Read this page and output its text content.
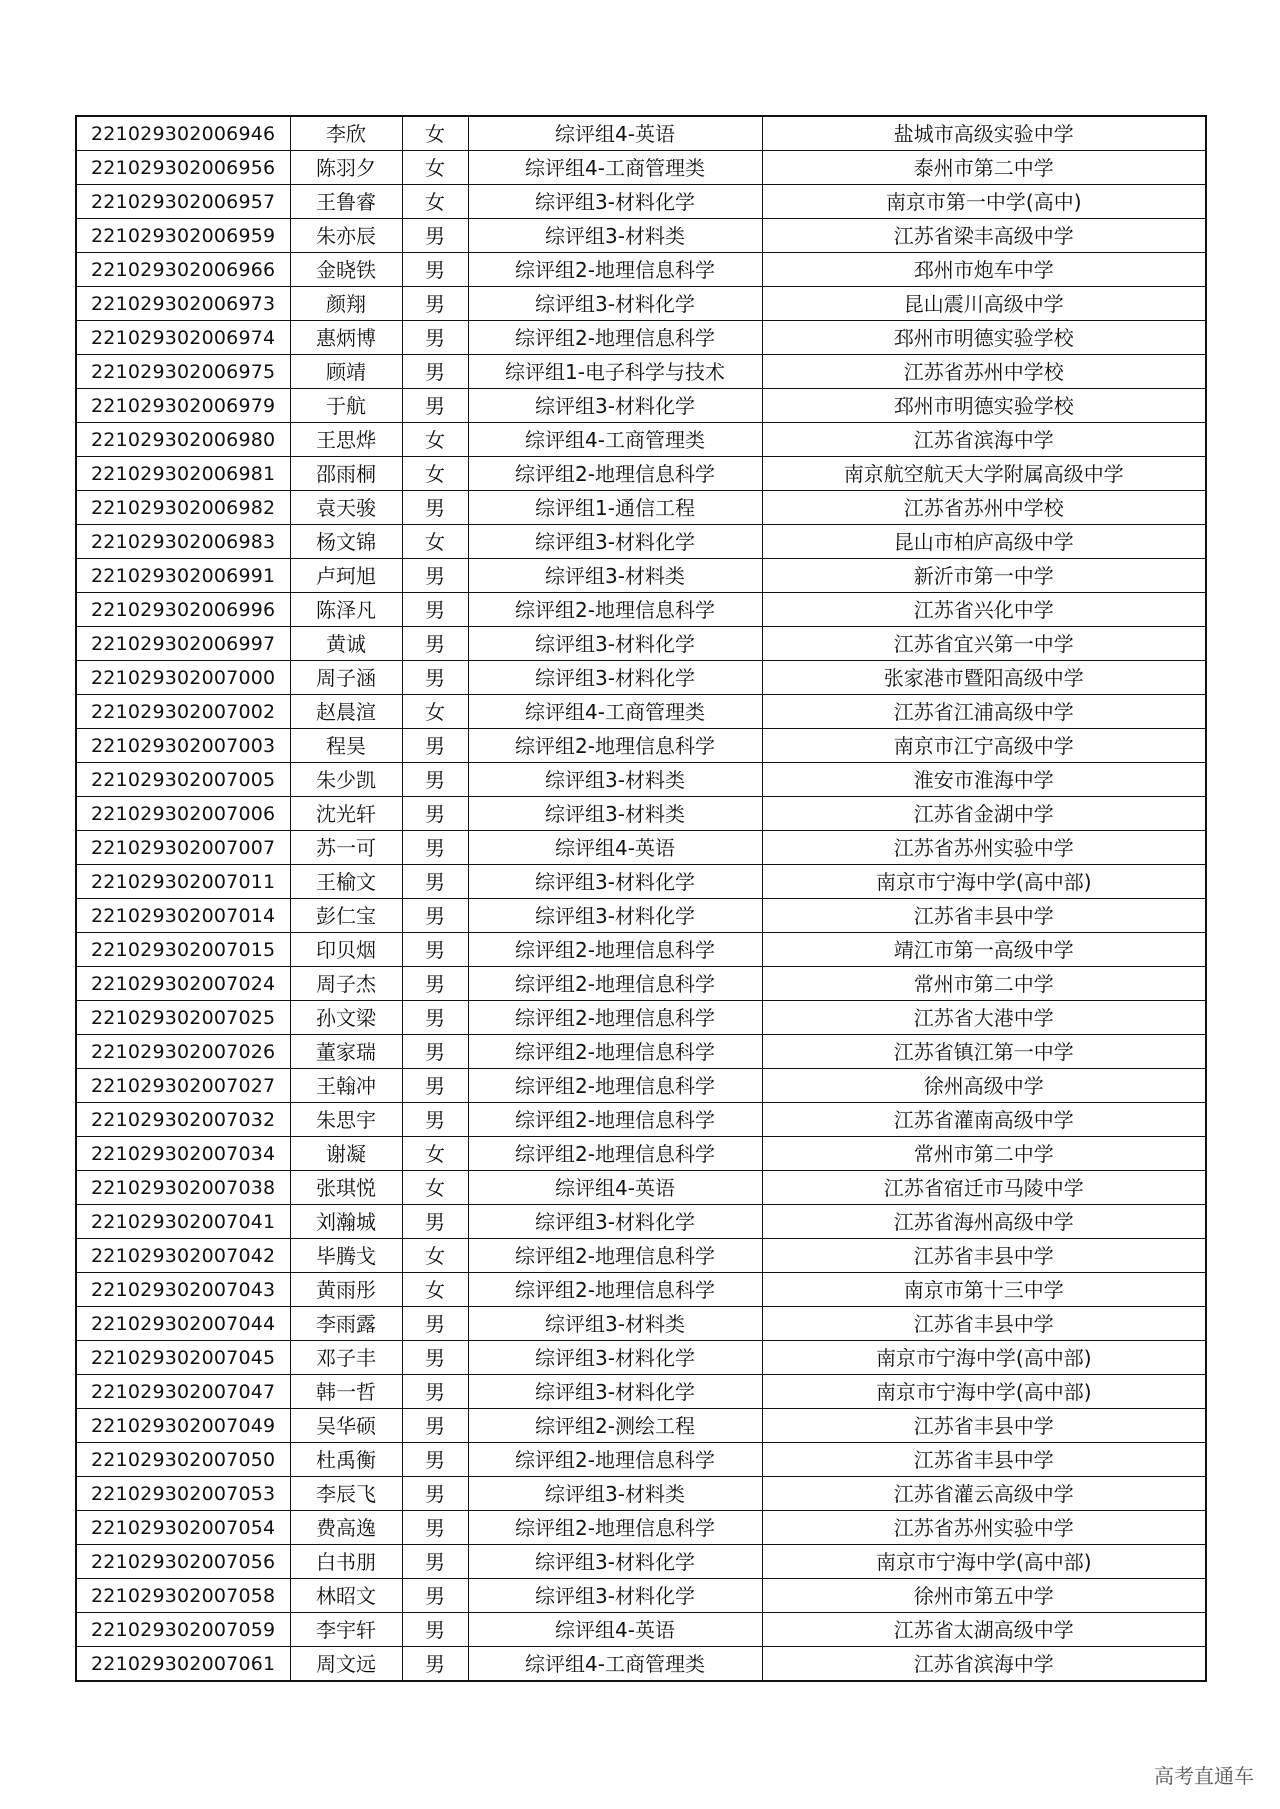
221029302006946	李欣	女	综评组4-英语	盐城市高级实验中学
221029302006956	陈羽夕	女	综评组4-工商管理类	泰州市第二中学
221029302006957	王鲁睿	女	综评组3-材料化学	南京市第一中学(高中)
221029302006959	朱亦辰	男	综评组3-材料类	江苏省梁丰高级中学
221029302006966	金晓铁	男	综评组2-地理信息科学	邳州市炮车中学
221029302006973	颜翔	男	综评组3-材料化学	昆山震川高级中学
221029302006974	惠炳博	男	综评组2-地理信息科学	邳州市明德实验学校
221029302006975	顾靖	男	综评组1-电子科学与技术	江苏省苏州中学校
221029302006979	于航	男	综评组3-材料化学	邳州市明德实验学校
221029302006980	王思烨	女	综评组4-工商管理类	江苏省滨海中学
221029302006981	邵雨桐	女	综评组2-地理信息科学	南京航空航天大学附属高级中学
221029302006982	袁天骏	男	综评组1-通信工程	江苏省苏州中学校
221029302006983	杨文锦	女	综评组3-材料化学	昆山市柏庐高级中学
221029302006991	卢珂旭	男	综评组3-材料类	新沂市第一中学
221029302006996	陈泽凡	男	综评组2-地理信息科学	江苏省兴化中学
221029302006997	黄诚	男	综评组3-材料化学	江苏省宜兴第一中学
221029302007000	周子涵	男	综评组3-材料化学	张家港市暨阳高级中学
221029302007002	赵晨渲	女	综评组4-工商管理类	江苏省江浦高级中学
221029302007003	程昊	男	综评组2-地理信息科学	南京市江宁高级中学
221029302007005	朱少凯	男	综评组3-材料类	淮安市淮海中学
221029302007006	沈光轩	男	综评组3-材料类	江苏省金湖中学
221029302007007	苏一可	男	综评组4-英语	江苏省苏州实验中学
221029302007011	王榆文	男	综评组3-材料化学	南京市宁海中学(高中部)
221029302007014	彭仁宝	男	综评组3-材料化学	江苏省丰县中学
221029302007015	印贝烟	男	综评组2-地理信息科学	靖江市第一高级中学
221029302007024	周子杰	男	综评组2-地理信息科学	常州市第二中学
221029302007025	孙文梁	男	综评组2-地理信息科学	江苏省大港中学
221029302007026	董家瑞	男	综评组2-地理信息科学	江苏省镇江第一中学
221029302007027	王翰冲	男	综评组2-地理信息科学	徐州高级中学
221029302007032	朱思宇	男	综评组2-地理信息科学	江苏省灌南高级中学
221029302007034	谢凝	女	综评组2-地理信息科学	常州市第二中学
221029302007038	张琪悦	女	综评组4-英语	江苏省宿迁市马陵中学
221029302007041	刘瀚城	男	综评组3-材料化学	江苏省海州高级中学
221029302007042	毕腾戈	女	综评组2-地理信息科学	江苏省丰县中学
221029302007043	黄雨彤	女	综评组2-地理信息科学	南京市第十三中学
221029302007044	李雨露	男	综评组3-材料类	江苏省丰县中学
221029302007045	邓子丰	男	综评组3-材料化学	南京市宁海中学(高中部)
221029302007047	韩一哲	男	综评组3-材料化学	南京市宁海中学(高中部)
221029302007049	吴华硕	男	综评组2-测绘工程	江苏省丰县中学
221029302007050	杜禹衡	男	综评组2-地理信息科学	江苏省丰县中学
221029302007053	李辰飞	男	综评组3-材料类	江苏省灌云高级中学
221029302007054	费高逸	男	综评组2-地理信息科学	江苏省苏州实验中学
221029302007056	白书朋	男	综评组3-材料化学	南京市宁海中学(高中部)
221029302007058	林昭文	男	综评组3-材料化学	徐州市第五中学
221029302007059	李宇轩	男	综评组4-英语	江苏省太湖高级中学
221029302007061	周文远	男	综评组4-工商管理类	江苏省滨海中学
高考直通车
